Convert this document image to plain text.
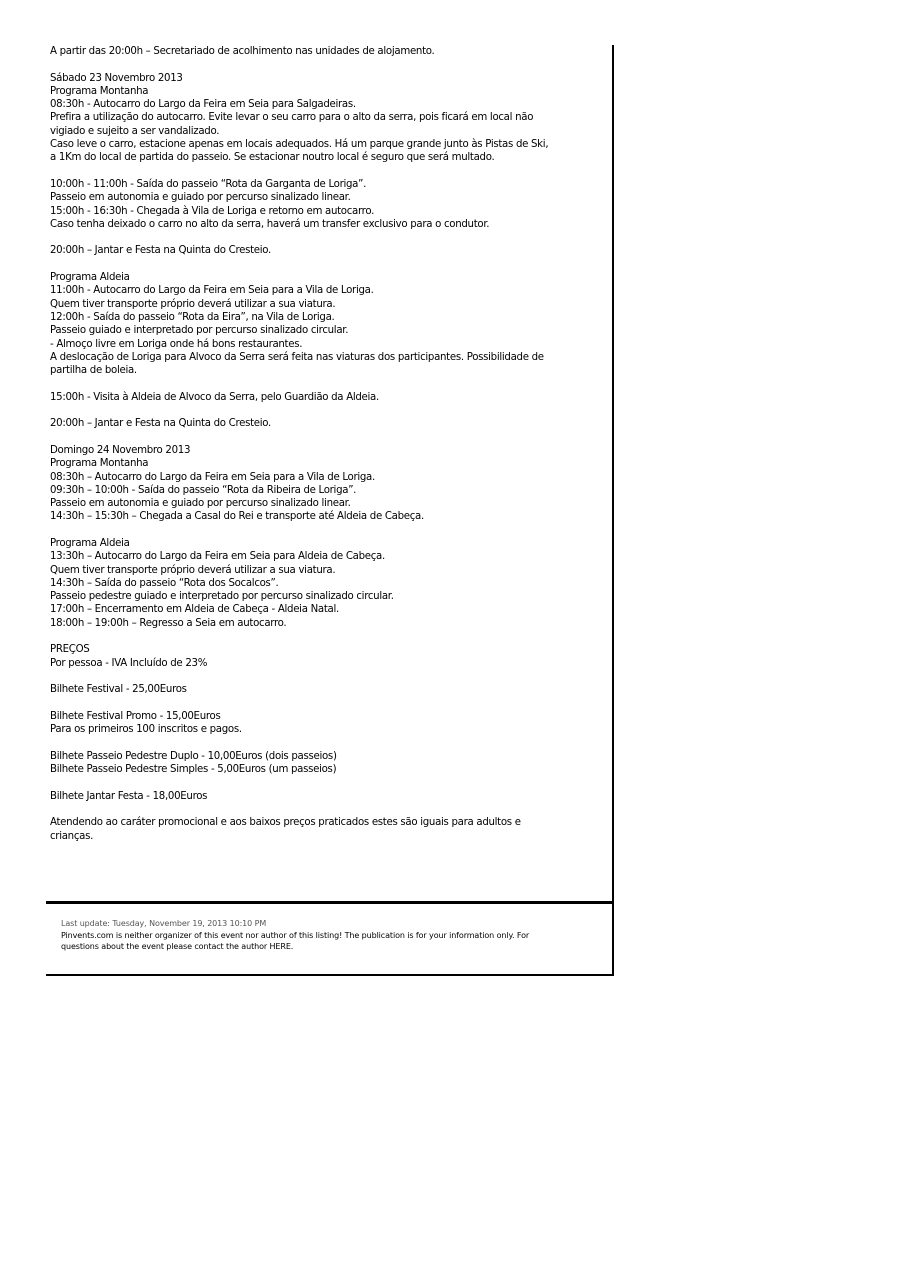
A partir das 20:00h – Secretariado de acolhimento nas unidades de alojamento.
Sábado 23 Novembro 2013
Programa Montanha
08:30h - Autocarro do Largo da Feira em Seia para Salgadeiras.
Prefira a utilização do autocarro. Evite levar o seu carro para o alto da serra, pois ficará em local não
vigiado e sujeito a ser vandalizado.
Caso leve o carro, estacione apenas em locais adequados. Há um parque grande junto às Pistas de Ski,
a 1Km do local de partida do passeio. Se estacionar noutro local é seguro que será multado.
10:00h - 11:00h - Saída do passeio “Rota da Garganta de Loriga”.
Passeio em autonomia e guiado por percurso sinalizado linear.
15:00h - 16:30h - Chegada à Vila de Loriga e retorno em autocarro.
Caso tenha deixado o carro no alto da serra, haverá um transfer exclusivo para o condutor.
20:00h – Jantar e Festa na Quinta do Cresteio.
Programa Aldeia
11:00h - Autocarro do Largo da Feira em Seia para a Vila de Loriga.
Quem tiver transporte próprio deverá utilizar a sua viatura.
12:00h - Saída do passeio “Rota da Eira”, na Vila de Loriga.
Passeio guiado e interpretado por percurso sinalizado circular.
- Almoço livre em Loriga onde há bons restaurantes.
A deslocação de Loriga para Alvoco da Serra será feita nas viaturas dos participantes. Possibilidade de
partilha de boleia.
15:00h - Visita à Aldeia de Alvoco da Serra, pelo Guardião da Aldeia.
20:00h – Jantar e Festa na Quinta do Cresteio.
Domingo 24 Novembro 2013
Programa Montanha
08:30h – Autocarro do Largo da Feira em Seia para a Vila de Loriga.
09:30h – 10:00h - Saída do passeio “Rota da Ribeira de Loriga”.
Passeio em autonomia e guiado por percurso sinalizado linear.
14:30h – 15:30h – Chegada a Casal do Rei e transporte até Aldeia de Cabeça.
Programa Aldeia
13:30h – Autocarro do Largo da Feira em Seia para Aldeia de Cabeça.
Quem tiver transporte próprio deverá utilizar a sua viatura.
14:30h – Saída do passeio “Rota dos Socalcos”.
Passeio pedestre guiado e interpretado por percurso sinalizado circular.
17:00h – Encerramento em Aldeia de Cabeça - Aldeia Natal.
18:00h – 19:00h – Regresso a Seia em autocarro.
PREÇOS
Por pessoa - IVA Incluído de 23%
Bilhete Festival - 25,00Euros
Bilhete Festival Promo - 15,00Euros
Para os primeiros 100 inscritos e pagos.
Bilhete Passeio Pedestre Duplo - 10,00Euros (dois passeios)
Bilhete Passeio Pedestre Simples - 5,00Euros (um passeios)
Bilhete Jantar Festa - 18,00Euros
Atendendo ao caráter promocional e aos baixos preços praticados estes são iguais para adultos e
crianças.
Last update: Tuesday, November 19, 2013 10:10 PM
Pinvents.com is neither organizer of this event nor author of this listing! The publication is for your information only. For
questions about the event please contact the author HERE.
